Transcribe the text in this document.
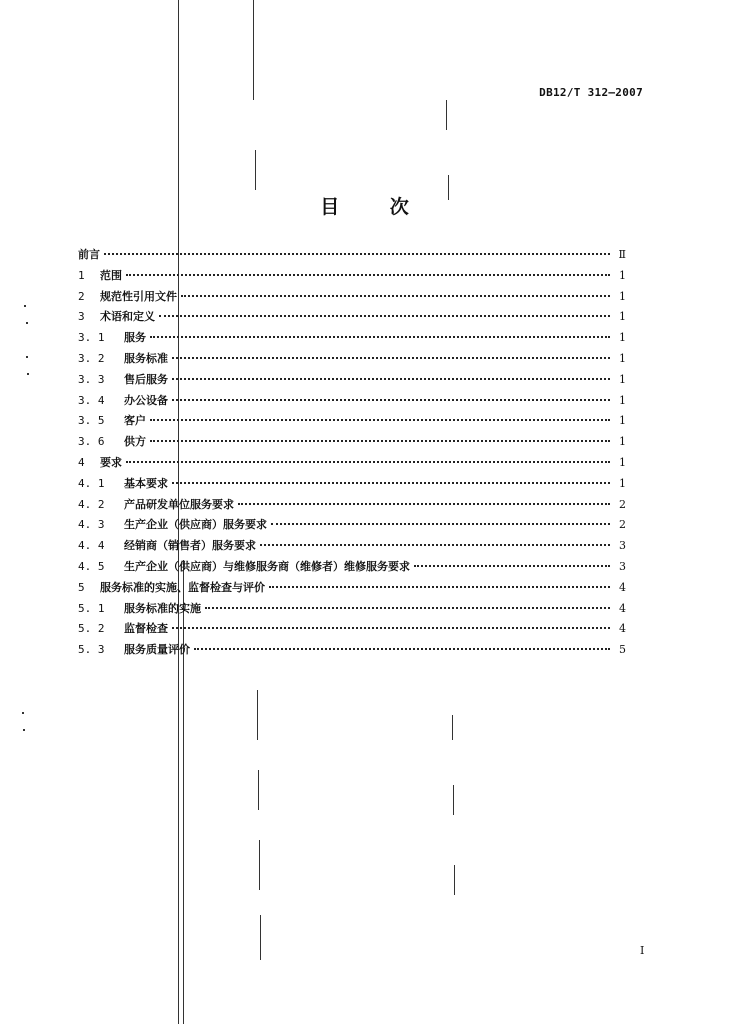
DB12/T 312—2007
目 次
前言	Ⅱ
1	范围	1
2	规范性引用文件	1
3	术语和定义	1
3. 1	服务	1
3. 2	服务标准	1
3. 3	售后服务	1
3. 4	办公设备	1
3. 5	客户	1
3. 6	供方	1
4	要求	1
4. 1	基本要求	1
4. 2	产品研发单位服务要求	2
4. 3	生产企业（供应商）服务要求	2
4. 4	经销商（销售者）服务要求	3
4. 5	生产企业（供应商）与维修服务商（维修者）维修服务要求	3
5	服务标准的实施、监督检查与评价	4
5. 1	服务标准的实施	4
5. 2	监督检查	4
5. 3	服务质量评价	5
I
